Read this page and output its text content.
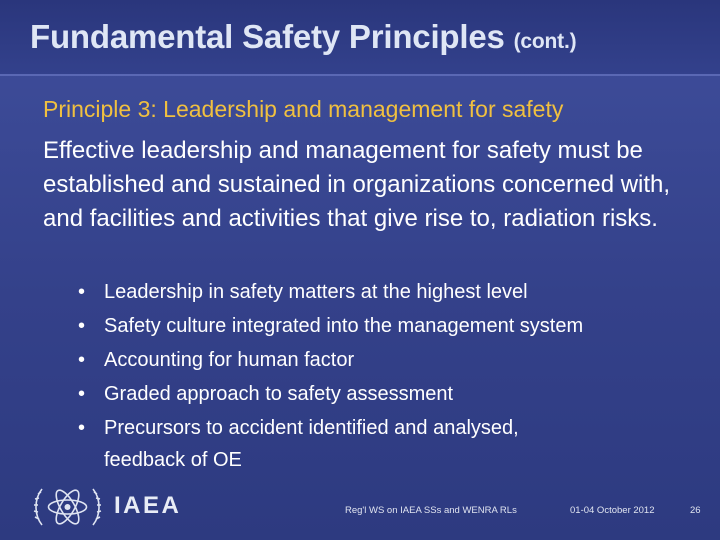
Fundamental Safety Principles (cont.)
Principle 3: Leadership and management for safety
Effective leadership and management for safety must be established and sustained in organizations concerned with, and facilities and activities that give rise to, radiation risks.
• Leadership in safety matters at the highest level
• Safety culture integrated into the management system
• Accounting for human factor
• Graded approach to safety assessment
• Precursors to accident identified and analysed,
feedback of OE
IAEA	Reg'l WS on IAEA SSs and WENRA RLs	01-04 October 2012	26
